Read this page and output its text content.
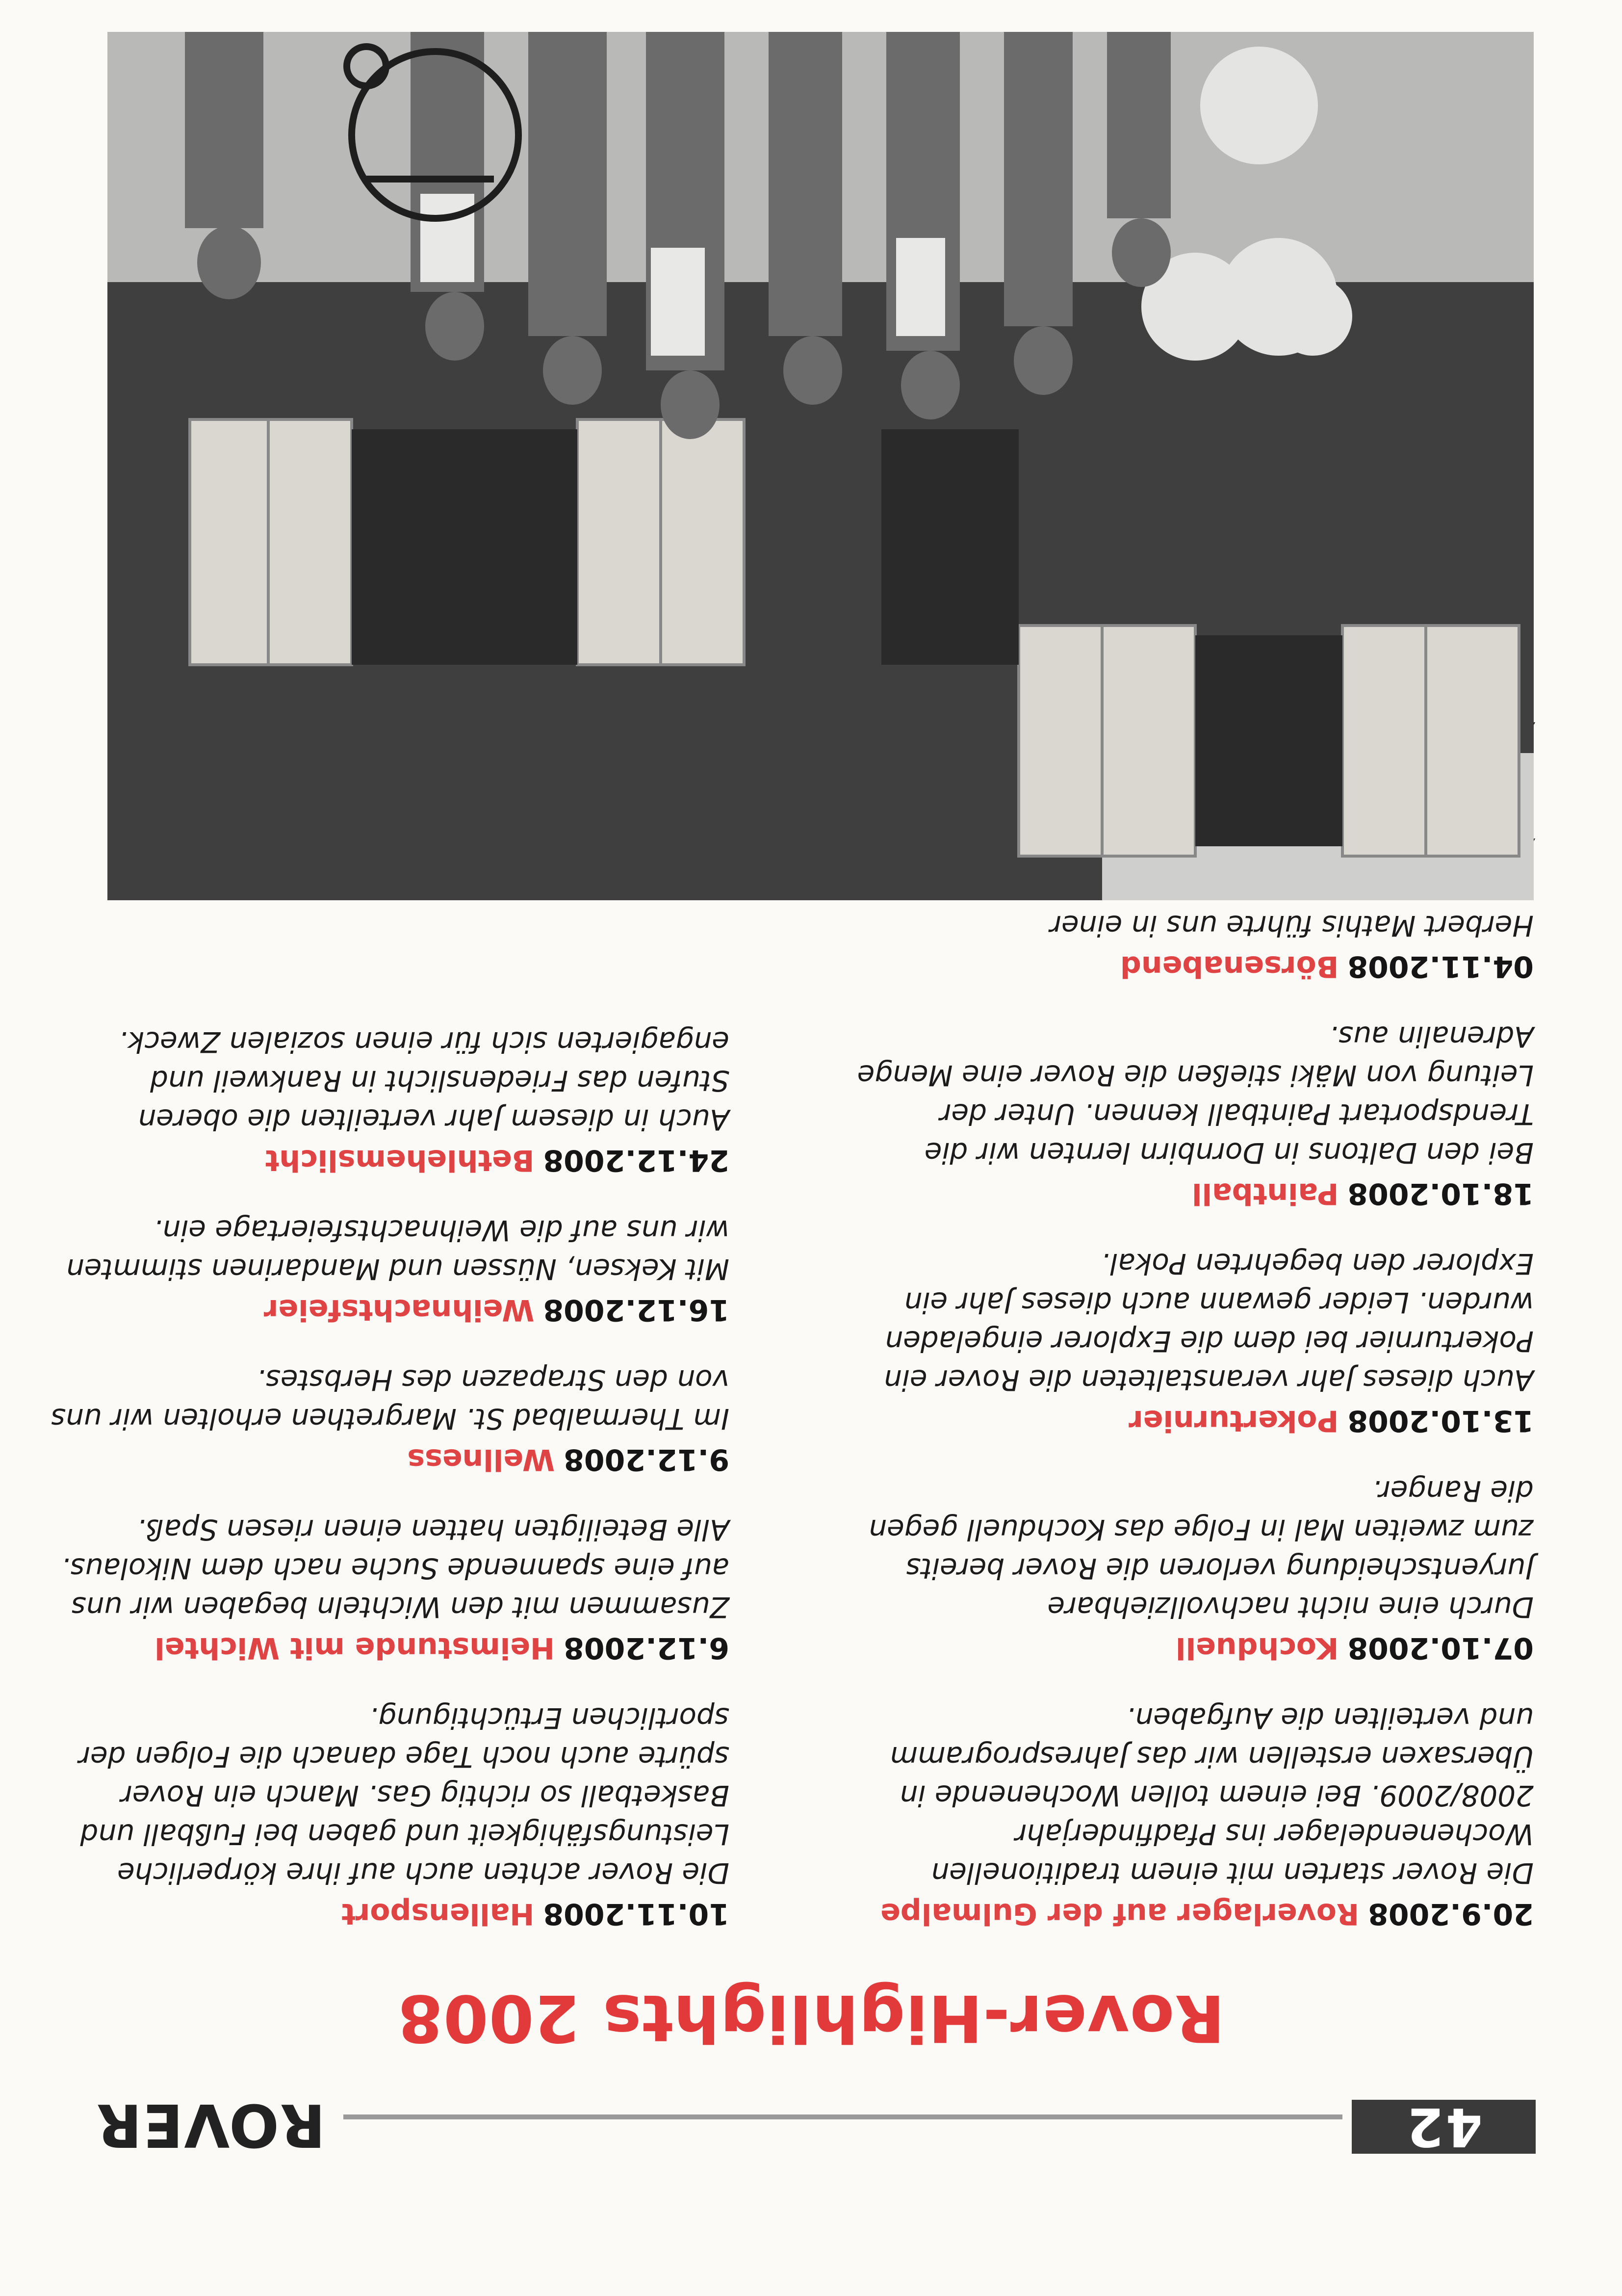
42
ROVER
Rover-Highlights 2008
20.9.2008Roverlager auf der Gulmalpe
Die Rover starten mit einem traditionellen Wochenendelager ins Pfadfinderjahr 2008/2009. Bei einem tollen Wochenende in Übersaxen erstellen wir das Jahresprogramm und verteilten die Aufgaben.
07.10.2008Kochduell
Durch eine nicht nachvollziehbare Juryentscheidung verloren die Rover bereits zum zweiten Mal in Folge das Kochduell gegen die Ranger.
13.10.2008Pokerturnier
Auch dieses Jahr veranstalteten die Rover ein Pokerturnier bei dem die Explorer eingeladen wurden. Leider gewann auch dieses Jahr ein Explorer den begehrten Pokal.
18.10.2008Paintball
Bei den Daltons in Dornbirn lernten wir die Trendsportart Paintball kennen. Unter der Leitung von Mäki stießen die Rover eine Menge Adrenalin aus.
04.11.2008Börsenabend
Herbert Mathis führte uns in einer
10.11.2008Hallensport
Die Rover achten auch auf ihre körperliche Leistungsfähigkeit und gaben bei Fußball und Basketball so richtig Gas. Manch ein Rover spürte auch noch Tage danach die Folgen der sportlichen Ertüchtigung.
6.12.2008Heimstunde mit Wichtel
Zusammen mit den Wichteln begaben wir uns auf eine spannende Suche nach dem Nikolaus. Alle Beteiligten hatten einen riesen Spaß.
9.12.2008Wellness
Im Thermalbad St. Margrethen erholten wir uns von den Strapazen des Herbstes.
16.12.2008Weihnachtsfeier
Mit Keksen, Nüssen und Mandarinen stimmten wir uns auf die Weihnachtsfeiertage ein.
24.12.2008Bethlehemslicht
Auch in diesem Jahr verteilten die oberen Stufen das Friedenslicht in Rankweil und engagierten sich für einen sozialen Zweck.
